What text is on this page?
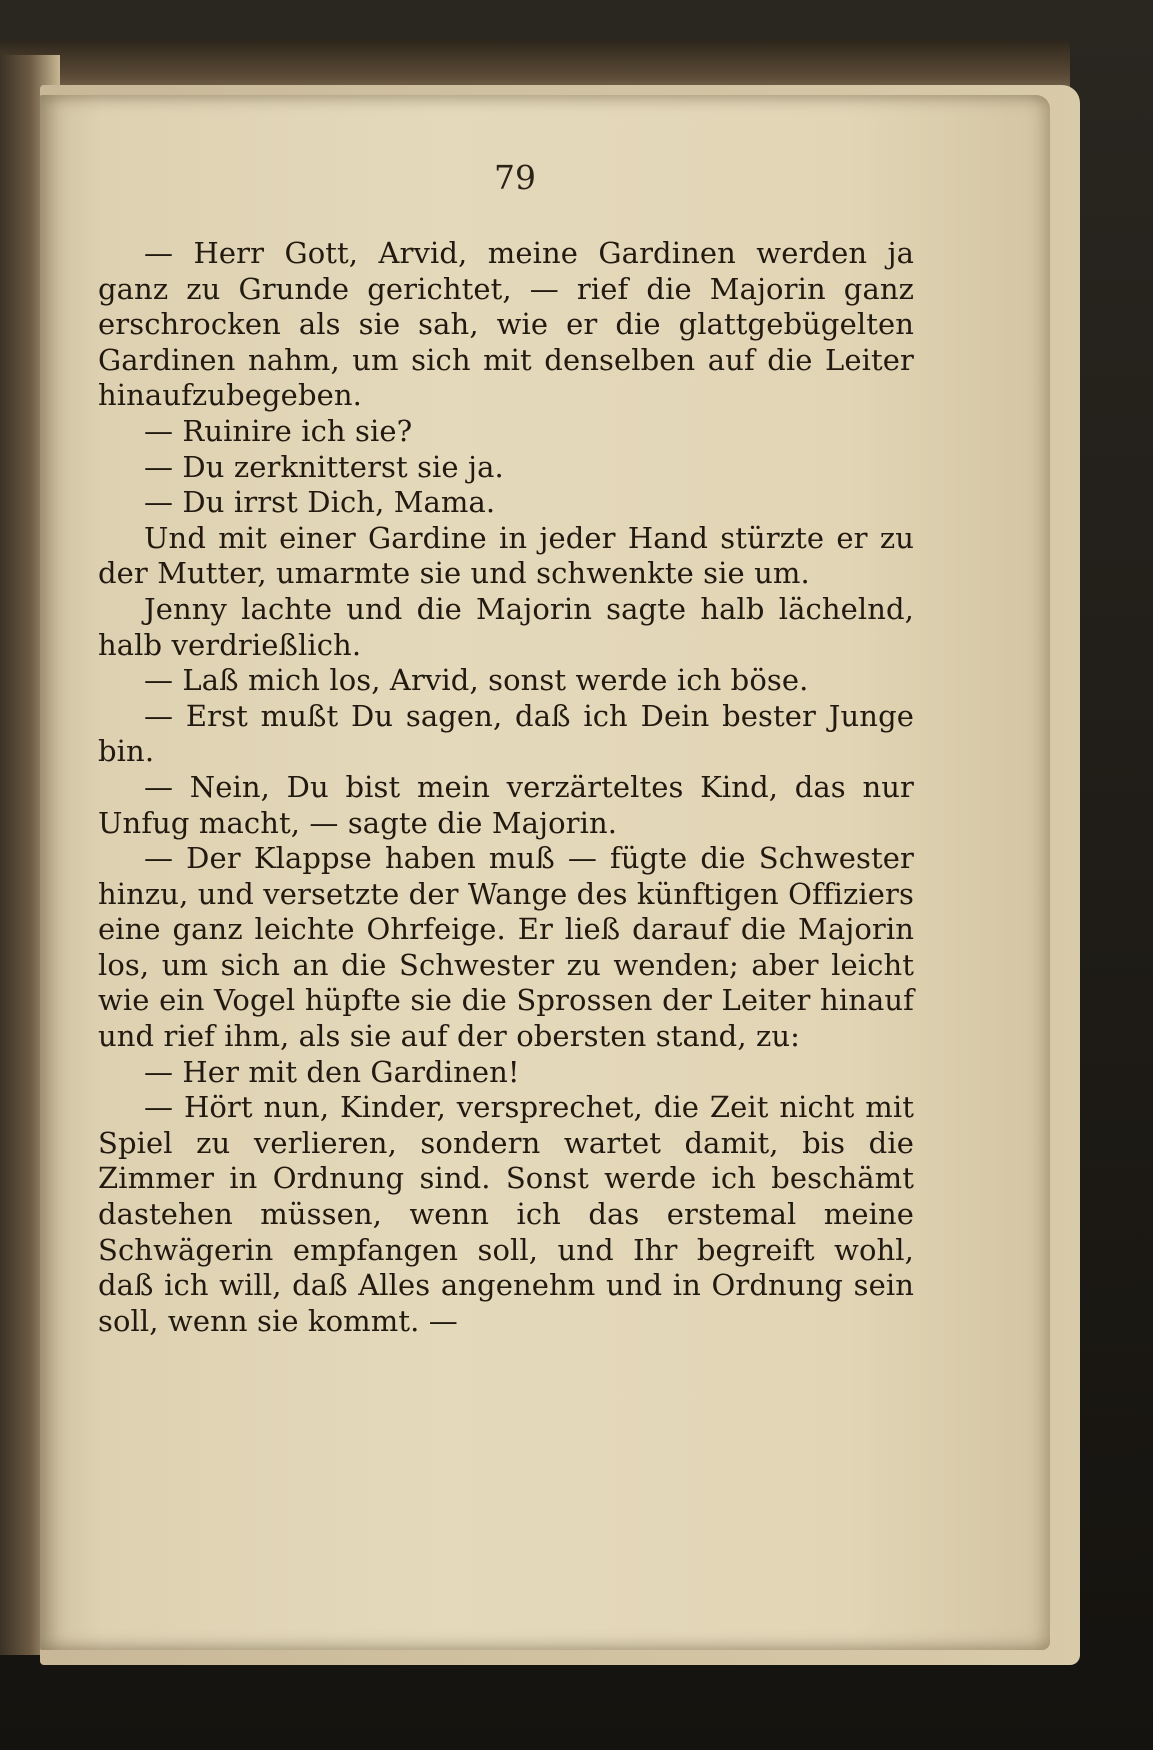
79

— Herr Gott, Arvid, meine Gardinen werden ja ganz zu Grunde gerichtet, — rief die Majorin ganz erschrocken als sie sah, wie er die glattgebügelten Gardinen nahm, um sich mit denselben auf die Leiter hinaufzubegeben.

— Ruinire ich sie?

— Du zerknitterst sie ja.

— Du irrst Dich, Mama.

Und mit einer Gardine in jeder Hand stürzte er zu der Mutter, umarmte sie und schwenkte sie um.

Jenny lachte und die Majorin sagte halb lächelnd, halb verdrießlich.

— Laß mich los, Arvid, sonst werde ich böse.

— Erst mußt Du sagen, daß ich Dein bester Junge bin.

— Nein, Du bist mein verzärteltes Kind, das nur Unfug macht, — sagte die Majorin.

— Der Klappse haben muß — fügte die Schwester hinzu, und versetzte der Wange des künftigen Offiziers eine ganz leichte Ohrfeige. Er ließ darauf die Majorin los, um sich an die Schwester zu wenden; aber leicht wie ein Vogel hüpfte sie die Sprossen der Leiter hinauf und rief ihm, als sie auf der obersten stand, zu:

— Her mit den Gardinen!

— Hört nun, Kinder, versprechet, die Zeit nicht mit Spiel zu verlieren, sondern wartet damit, bis die Zimmer in Ordnung sind. Sonst werde ich beschämt dastehen müssen, wenn ich das erstemal meine Schwägerin empfangen soll, und Ihr begreift wohl, daß ich will, daß Alles angenehm und in Ordnung sein soll, wenn sie kommt. —
